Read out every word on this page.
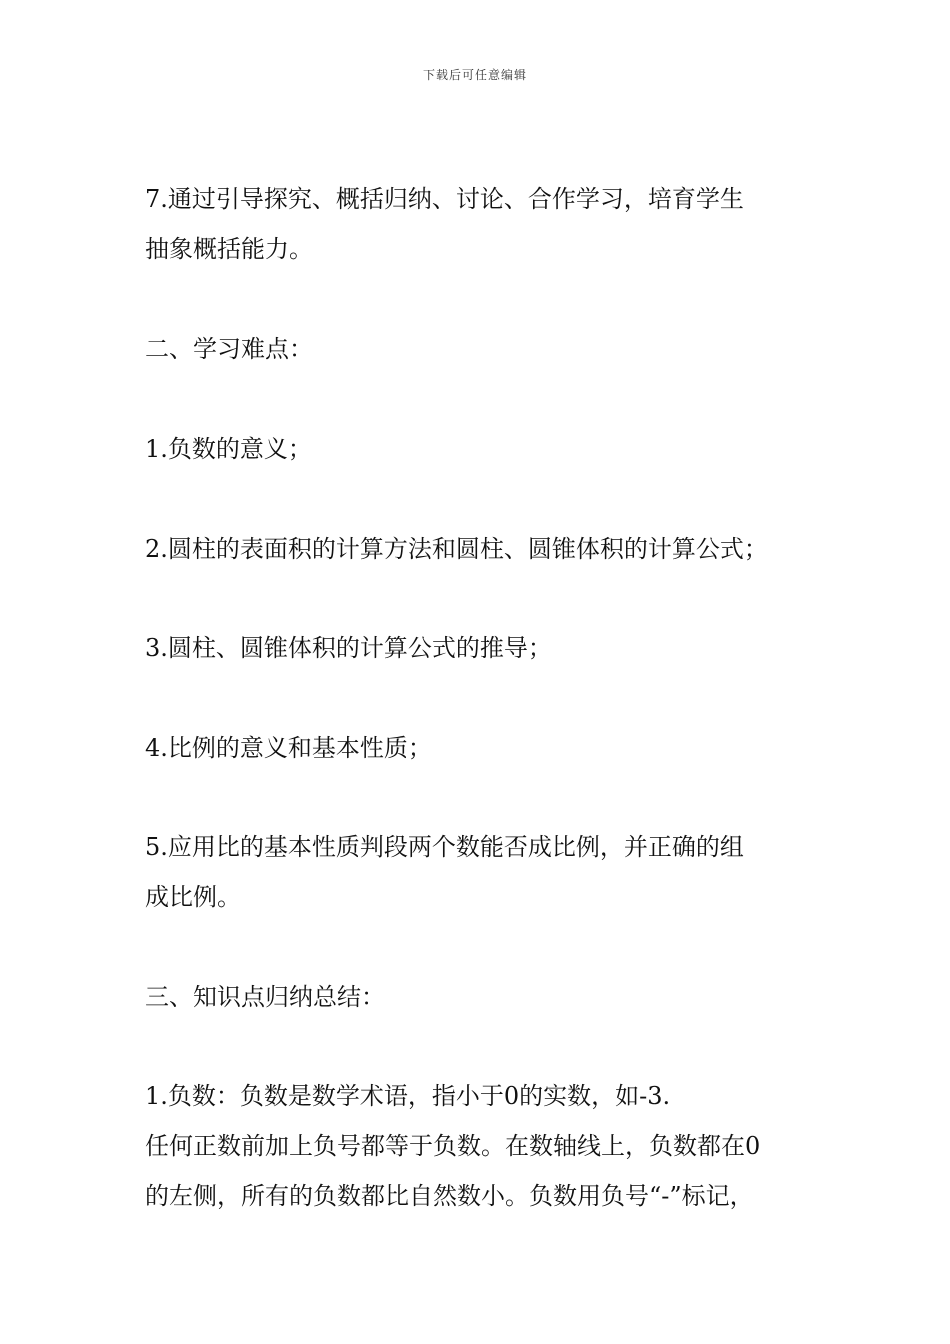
下载后可任意编辑
7.通过引导探究、概括归纳、讨论、合作学习，培育学生
抽象概括能力。
二、学习难点：
1.负数的意义；
2.圆柱的表面积的计算方法和圆柱、圆锥体积的计算公式；
3.圆柱、圆锥体积的计算公式的推导；
4.比例的意义和基本性质；
5.应用比的基本性质判段两个数能否成比例，并正确的组
成比例。
三、知识点归纳总结：
1.负数：负数是数学术语，指小于0的实数，如-3.
任何正数前加上负号都等于负数。在数轴线上，负数都在0
的左侧，所有的负数都比自然数小。负数用负号“-”标记，
